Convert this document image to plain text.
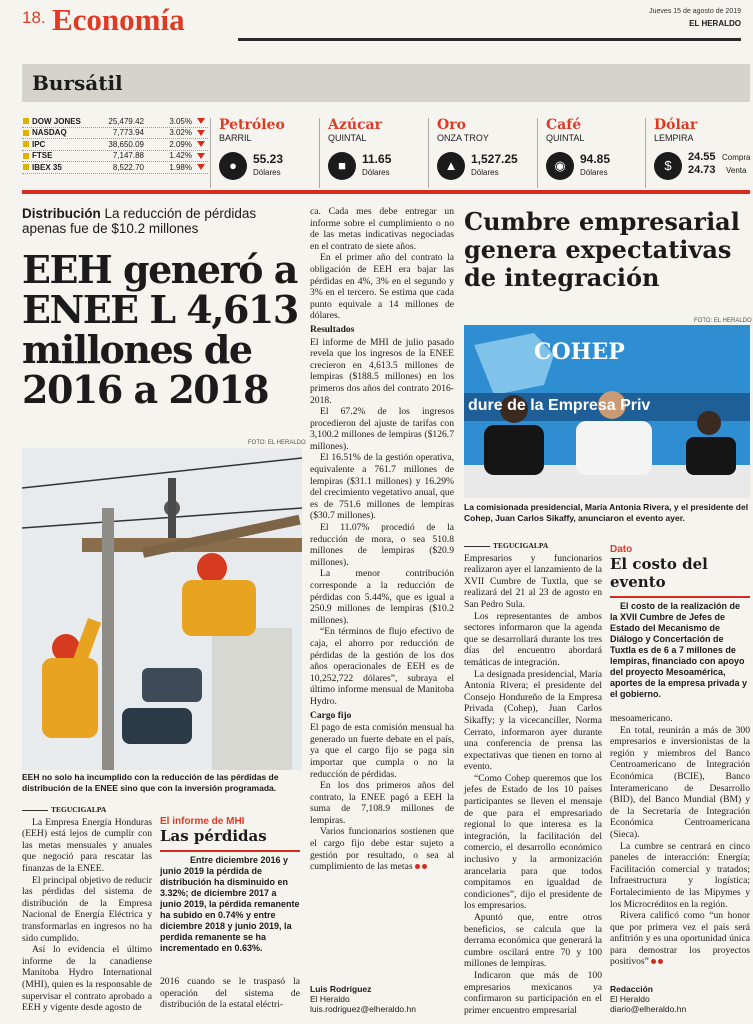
18. Economía	Jueves 15 de agosto de 2019
EL HERALDO
Bursátil
DOW JONES	25,479.42	3.05%
NASDAQ	7,773.94	3.02%
IPC	38,650.09	2.09%
FTSE	7,147.88	1.42%
IBEX 35	8,522.70	1.98%
Petróleo
BARRIL
●	55.23
Dólares
Azúcar
QUINTAL
■	11.65
Dólares
Oro
ONZA TROY
▲	1,527.25
Dólares
Café
QUINTAL
◉	94.85
Dólares
Dólar
LEMPIRA
$
24.55 Compra
24.73 Venta
Distribución La reducción de pérdidas apenas fue de $10.2 millones
EEH generó a ENEE L 4,613 millones de 2016 a 2018
FOTO: EL HERALDO
EEH no solo ha incumplido con la reducción de las pérdidas de distribución de la ENEE sino que con la inversión programada.
TEGUCIGALPA

La Empresa Energía Honduras (EEH) está lejos de cumplir con las metas mensuales y anuales que negoció para rescatar las finanzas de la ENEE.

El principal objetivo de reducir las pérdidas del sistema de distribución de la Empresa Nacional de Energía Eléctrica y transformarlas en ingresos no ha sido cumplido.

Así lo evidencia el último informe de la canadiense Manitoba Hydro International (MHI), quien es la responsable de supervisar el contrato aprobado a EEH y vigente desde agosto de

El informe de MHI
Las pérdidas
Entre diciembre 2016 y junio 2019 la pérdida de distribución ha disminuido en 3.32%; de diciembre 2017 a junio 2019, la pérdida remanente ha subido en 0.74% y entre diciembre 2018 y junio 2019, la perdida remanente se ha incrementado en 0.63%.
2016 cuando se le traspasó la operación del sistema de distribución de la estatal eléctri-

ca. Cada mes debe entregar un informe sobre el cumplimiento o no de las metas indicativas negociadas en el contrato de siete años.

En el primer año del contrato la obligación de EEH era bajar las pérdidas en 4%, 3% en el segundo y 3% en el tercero. Se estima que cada punto equivale a 14 millones de dólares.

Resultados

El informe de MHI de julio pasado revela que los ingresos de la ENEE crecieron en 4,613.5 millones de lempiras ($188.5 millones) en los primeros dos años del contrato 2016-2018.

El 67.2% de los ingresos procedieron del ajuste de tarifas con 3,100.2 millones de lempiras ($126.7 millones).

El 16.51% de la gestión operativa, equivalente a 761.7 millones de lempiras ($31.1 millones) y 16.29% del crecimiento vegetativo anual, que es de 751.6 millones de lempiras ($30.7 millones).

El 11.07% procedió de la reducción de mora, o sea 510.8 millones de lempiras ($20.9 millones).

La menor contribución corresponde a la reducción de pérdidas con 5.44%, que es igual a 250.9 millones de lempiras ($10.2 millones).

“En términos de flujo efectivo de caja, el ahorro por reducción de pérdidas de la gestión de los dos años operacionales de EEH es de 10,252,722 dólares”, subraya el último informe mensual de Manitoba Hydro.

Cargo fijo

El pago de esta comisión mensual ha generado un fuerte debate en el país, ya que el cargo fijo se paga sin importar que cumpla o no la reducción de pérdidas.

En los dos primeros años del contrato, la ENEE pagó a EEH la suma de 7,108.9 millones de lempiras.

Varios funcionarios sostienen que el cargo fijo debe estar sujeto a gestión por resultado, o sea al cumplimiento de las metas

Luis Rodríguez
El Heraldo
luis.rodriguez@elheraldo.hn
Cumbre empresarial genera expectativas de integración
FOTO: EL HERALDO
COHEP
dure de la Empresa Priv
La comisionada presidencial, María Antonia Rivera, y el presidente del Cohep, Juan Carlos Sikaffy, anunciaron el evento ayer.
TEGUCIGALPA

Empresarios y funcionarios realizaron ayer el lanzamiento de la XVII Cumbre de Tuxtla, que se realizará del 21 al 23 de agosto en San Pedro Sula.

Los representantes de ambos sectores informaron que la agenda que se desarrollará durante los tres días del encuentro abordará temáticas de integración.

La designada presidencial, María Antonia Rivera; el presidente del Consejo Hondureño de la Empresa Privada (Cohep), Juan Carlos Sikaffy; y la vicecanciller, Norma Cerrato, informaron ayer durante una conferencia de prensa las expectativas que tienen en torno al evento.

“Como Cohep queremos que los jefes de Estado de los 10 países participantes se lleven el mensaje de que para el empresariado regional lo que interesa es la integración, la facilitación del comercio, el desarrollo económico inclusivo y la armonización arancelaria para que todos compitamos en igualdad de condiciones”, dijo el presidente de los empresarios.

Apuntó que, entre otros beneficios, se calcula que la derrama económica que generará la cumbre oscilará entre 70 y 100 millones de lempiras.

Indicaron que más de 100 empresarios mexicanos ya confirmaron su participación en el primer encuentro empresarial

Dato
El costo del evento
El costo de la realización de la XVII Cumbre de Jefes de Estado del Mecanismo de Diálogo y Concertación de Tuxtla es de 6 a 7 millones de lempiras, financiado con apoyo del proyecto Mesoamérica, aportes de la empresa privada y el gobierno.

mesoamericano.

En total, reunirán a más de 300 empresarios e inversionistas de la región y miembros del Banco Centroamericano de Integración Económica (BCIE), Banco Interamericano de Desarrollo (BID), del Banco Mundial (BM) y de la Secretaría de Integración Económica Centroamericana (Sieca).

La cumbre se centrará en cinco paneles de interacción: Energía; Facilitación comercial y tratados; Infraestructura y logística; Fortalecimiento de las Mipymes y los Microcréditos en la región.

Rivera calificó como “un honor que por primera vez el país será anfitrión y es una oportunidad única para demostrar los proyectos positivos”

Redacción
El Heraldo
diario@elheraldo.hn
